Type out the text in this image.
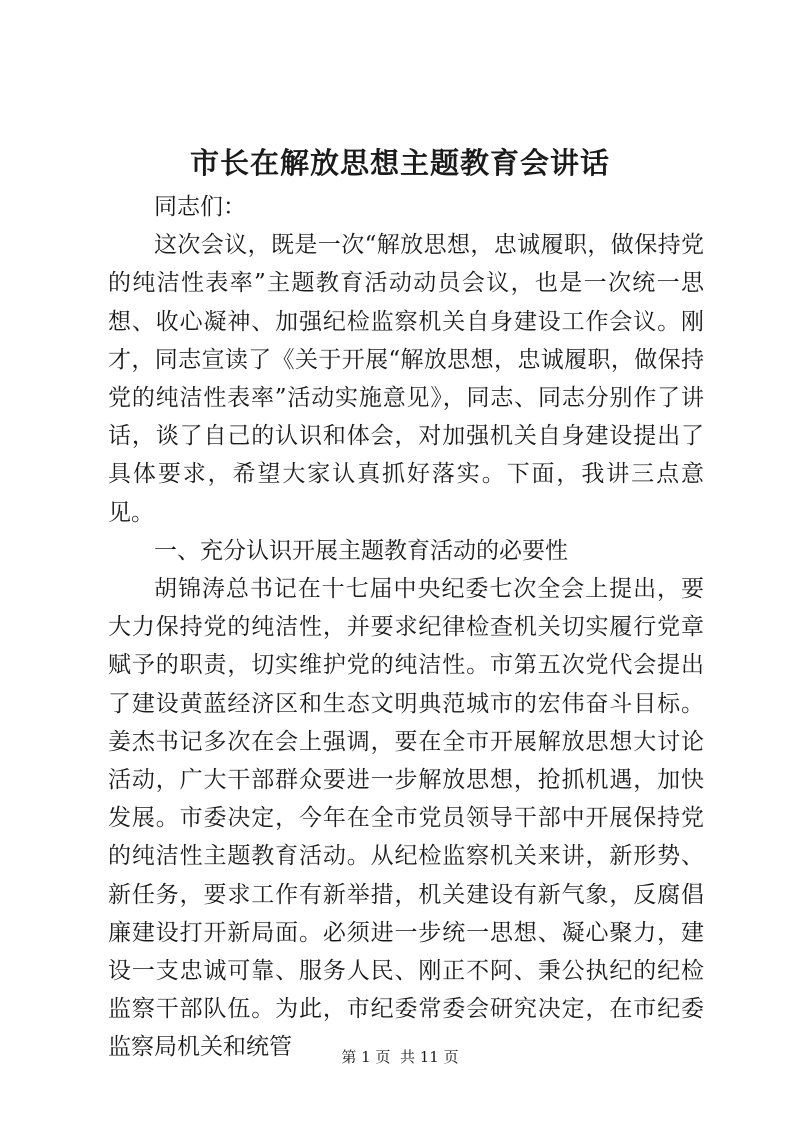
市长在解放思想主题教育会讲话

同志们：

这次会议，既是一次“解放思想，忠诚履职，做保持党的纯洁性表率”主题教育活动动员会议，也是一次统一思想、收心凝神、加强纪检监察机关自身建设工作会议。刚才，同志宣读了《关于开展“解放思想，忠诚履职，做保持党的纯洁性表率”活动实施意见》，同志、同志分别作了讲话，谈了自己的认识和体会，对加强机关自身建设提出了具体要求，希望大家认真抓好落实。下面，我讲三点意见。

一、充分认识开展主题教育活动的必要性

胡锦涛总书记在十七届中央纪委七次全会上提出，要大力保持党的纯洁性，并要求纪律检查机关切实履行党章赋予的职责，切实维护党的纯洁性。市第五次党代会提出了建设黄蓝经济区和生态文明典范城市的宏伟奋斗目标。姜杰书记多次在会上强调，要在全市开展解放思想大讨论活动，广大干部群众要进一步解放思想，抢抓机遇，加快发展。市委决定，今年在全市党员领导干部中开展保持党的纯洁性主题教育活动。从纪检监察机关来讲，新形势、新任务，要求工作有新举措，机关建设有新气象，反腐倡廉建设打开新局面。必须进一步统一思想、凝心聚力，建设一支忠诚可靠、服务人民、刚正不阿、秉公执纪的纪检监察干部队伍。为此，市纪委常委会研究决定，在市纪委监察局机关和统管	第 1 页  共 11 页
